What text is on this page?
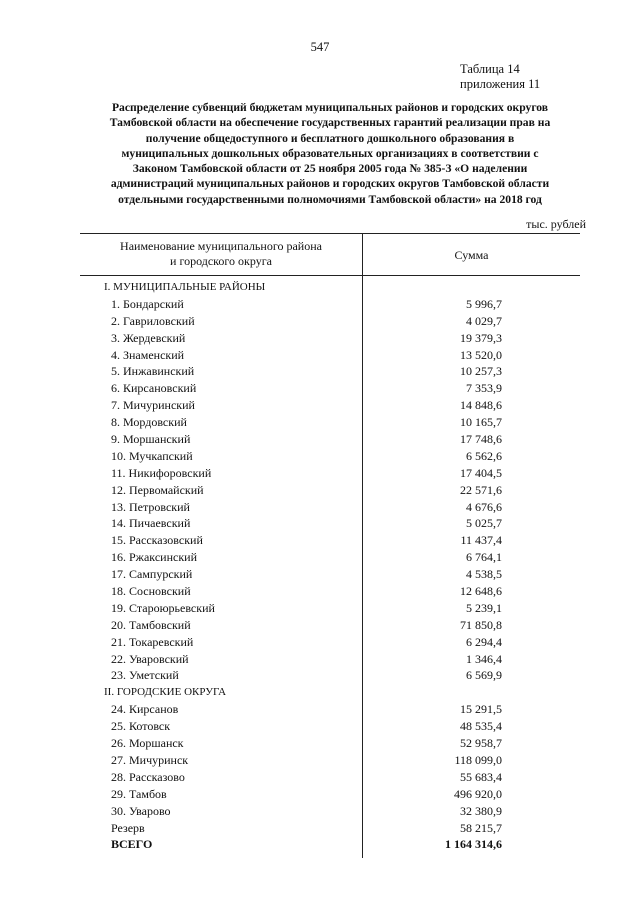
547
Таблица 14
приложения 11
Распределение субвенций бюджетам муниципальных районов и городских округов
Тамбовской области на обеспечение государственных гарантий реализации прав на
получение общедоступного и бесплатного дошкольного образования в
муниципальных дошкольных образовательных организациях в соответствии с
Законом Тамбовской области от 25 ноября 2005 года № 385-З «О наделении
администраций муниципальных районов и городских округов Тамбовской области
отдельными государственными полномочиями Тамбовской области» на 2018 год
тыс. рублей
Наименование муниципального района
и городского округа	Сумма
I. МУНИЦИПАЛЬНЫЕ РАЙОНЫ
1. Бондарский	5 996,7
2. Гавриловский	4 029,7
3. Жердевский	19 379,3
4. Знаменский	13 520,0
5. Инжавинский	10 257,3
6. Кирсановский	7 353,9
7. Мичуринский	14 848,6
8. Мордовский	10 165,7
9. Моршанский	17 748,6
10. Мучкапский	6 562,6
11. Никифоровский	17 404,5
12. Первомайский	22 571,6
13. Петровский	4 676,6
14. Пичаевский	5 025,7
15. Рассказовский	11 437,4
16. Ржаксинский	6 764,1
17. Сампурский	4 538,5
18. Сосновский	12 648,6
19. Староюрьевский	5 239,1
20. Тамбовский	71 850,8
21. Токаревский	6 294,4
22. Уваровский	1 346,4
23. Уметский	6 569,9
II. ГОРОДСКИЕ ОКРУГА
24. Кирсанов	15 291,5
25. Котовск	48 535,4
26. Моршанск	52 958,7
27. Мичуринск	118 099,0
28. Рассказово	55 683,4
29. Тамбов	496 920,0
30. Уварово	32 380,9
Резерв	58 215,7
ВСЕГО	1 164 314,6
